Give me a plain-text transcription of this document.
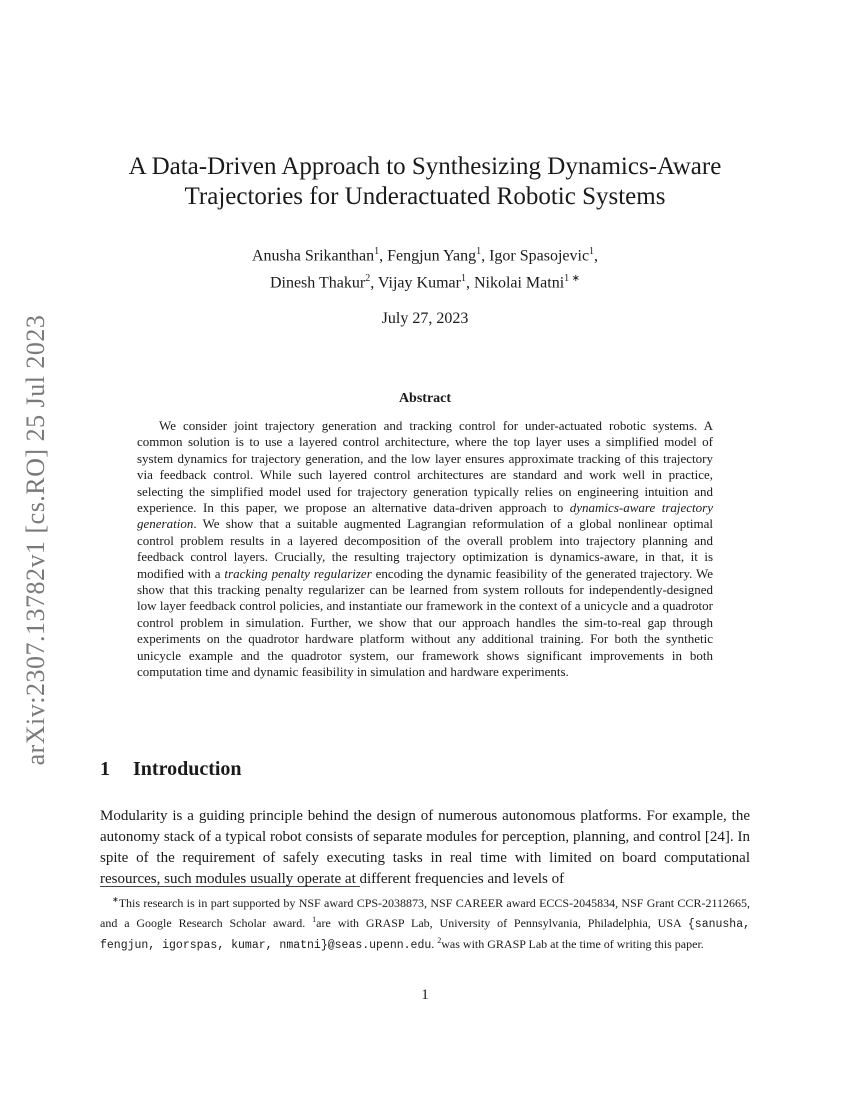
arXiv:2307.13782v1 [cs.RO] 25 Jul 2023
A Data-Driven Approach to Synthesizing Dynamics-Aware
Trajectories for Underactuated Robotic Systems
Anusha Srikanthan$^1$, Fengjun Yang$^1$, Igor Spasojevic$^1$,
Dinesh Thakur$^2$, Vijay Kumar$^1$, Nikolai Matni$^{1 ∗}$
July 27, 2023
Abstract

We consider joint trajectory generation and tracking control for under-actuated robotic systems. A common solution is to use a layered control architecture, where the top layer uses a simplified model of system dynamics for trajectory generation, and the low layer ensures approximate tracking of this trajectory via feedback control. While such layered control architectures are standard and work well in practice, selecting the simplified model used for trajectory generation typically relies on engineering intuition and experience. In this paper, we propose an alternative data-driven approach to dynamics-aware trajectory generation. We show that a suitable augmented Lagrangian reformulation of a global nonlinear optimal control problem results in a layered decomposition of the overall problem into trajectory planning and feedback control layers. Crucially, the resulting trajectory optimization is dynamics-aware, in that, it is modified with a tracking penalty regularizer encoding the dynamic feasibility of the generated trajectory. We show that this tracking penalty regularizer can be learned from system rollouts for independently-designed low layer feedback control policies, and instantiate our framework in the context of a unicycle and a quadrotor control problem in simulation. Further, we show that our approach handles the sim-to-real gap through experiments on the quadrotor hardware platform without any additional training. For both the synthetic unicycle example and the quadrotor system, our framework shows significant improvements in both computation time and dynamic feasibility in simulation and hardware experiments.

1 Introduction

Modularity is a guiding principle behind the design of numerous autonomous platforms. For example, the autonomy stack of a typical robot consists of separate modules for perception, planning, and control [24]. In spite of the requirement of safely executing tasks in real time with limited on board computational resources, such modules usually operate at different frequencies and levels of

∗This research is in part supported by NSF award CPS-2038873, NSF CAREER award ECCS-2045834, NSF Grant CCR-2112665, and a Google Research Scholar award. $^1$are with GRASP Lab, University of Pennsylvania, Philadelphia, USA {sanusha, fengjun, igorspas, kumar, nmatni}@seas.upenn.edu. $^2$was with GRASP Lab at the time of writing this paper.

1
